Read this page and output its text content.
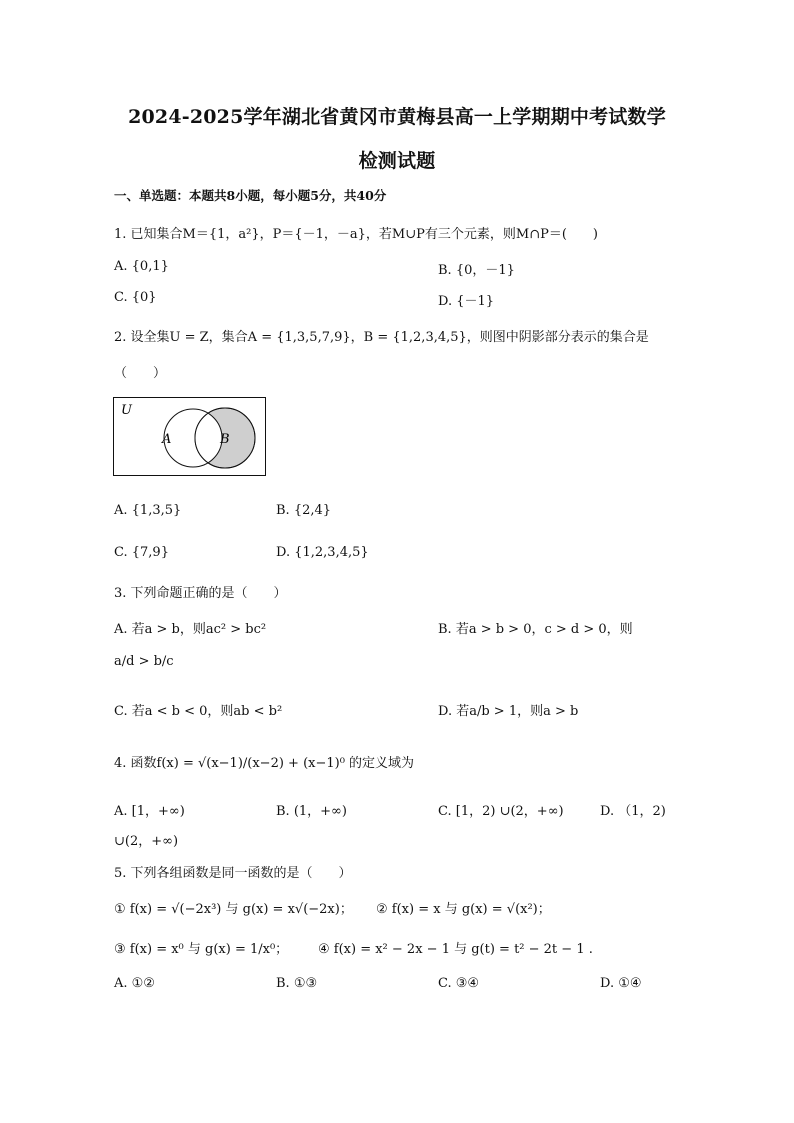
2024-2025学年湖北省黄冈市黄梅县高一上学期期中考试数学
检测试题
一、单选题：本题共8小题，每小题5分，共40分
1. 已知集合M＝{1，a²}，P＝{－1，－a}，若M∪P有三个元素，则M∩P＝(　　)
A. {0,1}	B. {0，－1}
C. {0}	D. {－1}
2. 设全集U = Z，集合A = {1,3,5,7,9}，B = {1,2,3,4,5}，则图中阴影部分表示的集合是
（　　）
U
A	B
A. {1,3,5}	B. {2,4}
C. {7,9}	D. {1,2,3,4,5}
3. 下列命题正确的是（　　）
A. 若a > b，则ac² > bc²	B. 若a > b > 0，c > d > 0，则
a/d > b/c
C. 若a < b < 0，则ab < b²	D. 若a/b > 1，则a > b
4. 函数f(x) = √(x−1)/(x−2) + (x−1)⁰ 的定义域为
A. [1，+∞)	B. (1，+∞)	C. [1，2) ∪(2，+∞)	D. （1，2)
∪(2，+∞)
5. 下列各组函数是同一函数的是（　　）
① f(x) = √(−2x³) 与 g(x) = x√(−2x)； ② f(x) = x 与 g(x) = √(x²)；
③ f(x) = x⁰ 与 g(x) = 1/x⁰； ④ f(x) = x² − 2x − 1 与 g(t) = t² − 2t − 1 .
A. ①②	B. ①③	C. ③④	D. ①④
